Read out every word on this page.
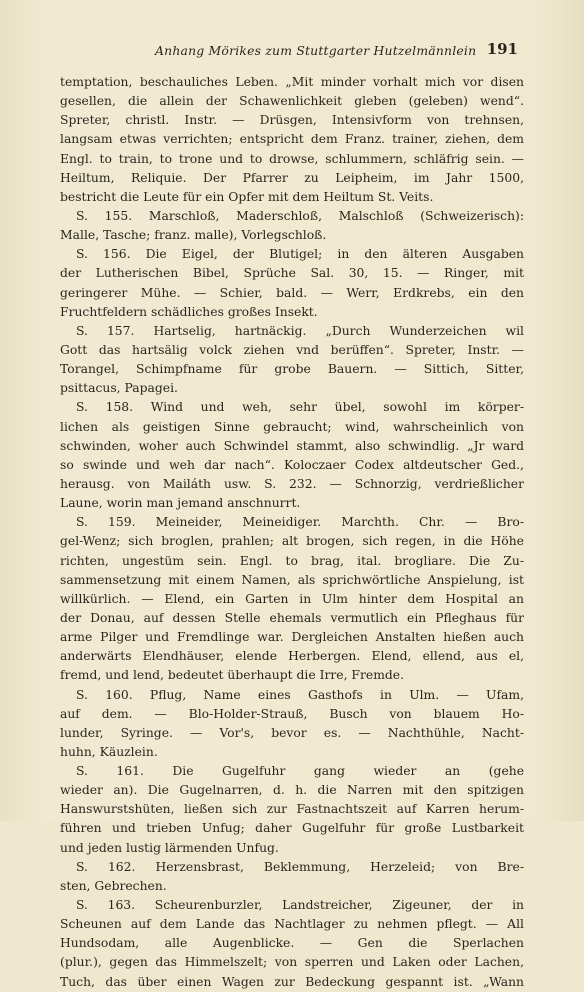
Anhang Mörikes zum Stuttgarter Hutzelmännlein 191
temptation, beschauliches Leben. „Mit minder vorhalt mich vor disen
gesellen, die allein der Schawenlichkeit gleben (geleben) wend“.
Spreter, christl. Instr. — Drüsgen, Intensivform von trehnsen,
langsam etwas verrichten; entspricht dem Franz. trainer, ziehen, dem
Engl. to train, to trone und to drowse, schlummern, schläfrig sein. —
Heiltum, Reliquie. Der Pfarrer zu Leipheim, im Jahr 1500,
bestricht die Leute für ein Opfer mit dem Heiltum St. Veits.
S. 155. Marschloß, Maderschloß, Malschloß (Schweizerisch):
Malle, Tasche; franz. malle), Vorlegschloß.
S. 156. Die Eigel, der Blutigel; in den älteren Ausgaben
der Lutherischen Bibel, Sprüche Sal. 30, 15. — Ringer, mit
geringerer Mühe. — Schier, bald. — Werr, Erdkrebs, ein den
Fruchtfeldern schädliches großes Insekt.
S. 157. Hartselig, hartnäckig. „Durch Wunderzeichen wil
Gott das hartsälig volck ziehen vnd berüffen“. Spreter, Instr. —
Torangel, Schimpfname für grobe Bauern. — Sittich, Sitter,
psittacus, Papagei.
S. 158. Wind und weh, sehr übel, sowohl im körper-
lichen als geistigen Sinne gebraucht; wind, wahrscheinlich von
schwinden, woher auch Schwindel stammt, also schwindlig. „Jr ward
so swinde und weh dar nach“. Koloczaer Codex altdeutscher Ged.,
herausg. von Mailáth usw. S. 232. — Schnorzig, verdrießlicher
Laune, worin man jemand anschnurrt.
S. 159. Meineider, Meineidiger. Marchth. Chr. — Bro-
gel-Wenz; sich broglen, prahlen; alt brogen, sich regen, in die Höhe
richten, ungestüm sein. Engl. to brag, ital. brogliare. Die Zu-
sammensetzung mit einem Namen, als sprichwörtliche Anspielung, ist
willkürlich. — Elend, ein Garten in Ulm hinter dem Hospital an
der Donau, auf dessen Stelle ehemals vermutlich ein Pfleghaus für
arme Pilger und Fremdlinge war. Dergleichen Anstalten hießen auch
anderwärts Elendhäuser, elende Herbergen. Elend, ellend, aus el,
fremd, und lend, bedeutet überhaupt die Irre, Fremde.
S. 160. Pflug, Name eines Gasthofs in Ulm. — Ufam,
auf dem. — Blo-Holder-Strauß, Busch von blauem Ho-
lunder, Syringe. — Vor's, bevor es. — Nachthühle, Nacht-
huhn, Käuzlein.
S. 161. Die Gugelfuhr gang wieder an (gehe
wieder an). Die Gugelnarren, d. h. die Narren mit den spitzigen
Hanswurstshüten, ließen sich zur Fastnachtszeit auf Karren herum-
führen und trieben Unfug; daher Gugelfuhr für große Lustbarkeit
und jeden lustig lärmenden Unfug.
S. 162. Herzensbrast, Beklemmung, Herzeleid; von Bre-
sten, Gebrechen.
S. 163. Scheurenburzler, Landstreicher, Zigeuner, der in
Scheunen auf dem Lande das Nachtlager zu nehmen pflegt. — All
Hundsodam, alle Augenblicke. — Gen die Sperlachen
(plur.), gegen das Himmelszelt; von sperren und Laken oder Lachen,
Tuch, das über einen Wagen zur Bedeckung gespannt ist. „Wann
